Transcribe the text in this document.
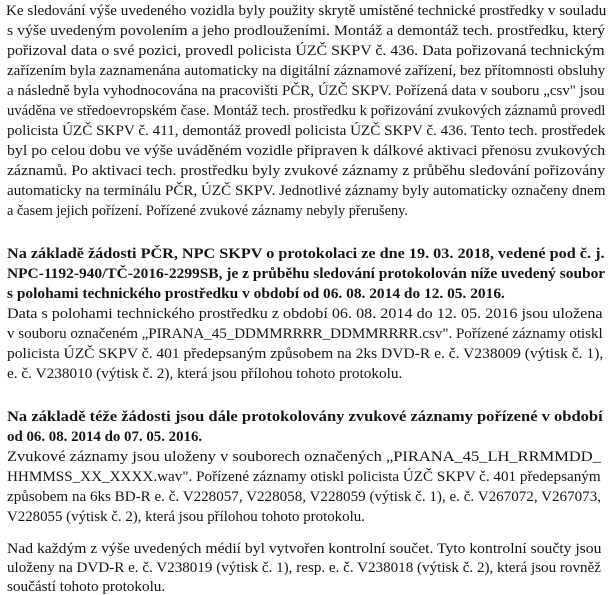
Ke sledování výše uvedeného vozidla byly použity skrytě umístěné technické prostředky v souladu
s výše uvedeným povolením a jeho prodlouženími. Montáž a demontáž tech. prostředku, který
pořizoval data o své pozici, provedl policista ÚZČ SKPV č. 436. Data pořizovaná technickým
zařízením byla zaznamenána automaticky na digitální záznamové zařízení, bez přítomnosti obsluhy
a následně byla vyhodnocována na pracovišti PČR, ÚZČ SKPV. Pořízená data v souboru „csv" jsou
uváděna ve středoevropském čase. Montáž tech. prostředku k pořizování zvukových záznamů provedl
policista ÚZČ SKPV č. 411, demontáž provedl policista ÚZČ SKPV č. 436. Tento tech. prostředek
byl po celou dobu ve výše uváděném vozidle připraven k dálkové aktivaci přenosu zvukových
záznamů. Po aktivaci tech. prostředku byly zvukové záznamy z průběhu sledování pořizovány
automaticky na terminálu PČR, ÚZČ SKPV. Jednotlivé záznamy byly automaticky označeny dnem
a časem jejich pořízení. Pořízené zvukové záznamy nebyly přerušeny.
Na základě žádosti PČR, NPC SKPV o protokolaci ze dne 19. 03. 2018, vedené pod č. j.
NPC-1192-940/TČ-2016-2299SB, je z průběhu sledování protokolován níže uvedený soubor
s polohami technického prostředku v období od 06. 08. 2014 do 12. 05. 2016.
Data s polohami technického prostředku z období 06. 08. 2014 do 12. 05. 2016 jsou uložena
v souboru označeném „PIRANA_45_DDMMRRRR_DDMMRRRR.csv". Pořízené záznamy otiskl
policista ÚZČ SKPV č. 401 předepsaným způsobem na 2ks DVD-R e. č. V238009 (výtisk č. 1),
e. č. V238010 (výtisk č. 2), která jsou přílohou tohoto protokolu.
Na základě téže žádosti jsou dále protokolovány zvukové záznamy pořízené v období
od 06. 08. 2014 do 07. 05. 2016.
Zvukové záznamy jsou uloženy v souborech označených „PIRANA_45_LH_RRMMDD_
HHMMSS_XX_XXXX.wav". Pořízené záznamy otiskl policista ÚZČ SKPV č. 401 předepsaným
způsobem na 6ks BD-R e. č. V228057, V228058, V228059 (výtisk č. 1), e. č. V267072, V267073,
V228055 (výtisk č. 2), která jsou přílohou tohoto protokolu.
Nad každým z výše uvedených médií byl vytvořen kontrolní součet. Tyto kontrolní součty jsou
uloženy na DVD-R e. č. V238019 (výtisk č. 1), resp. e. č. V238018 (výtisk č. 2), která jsou rovněž
součástí tohoto protokolu.
